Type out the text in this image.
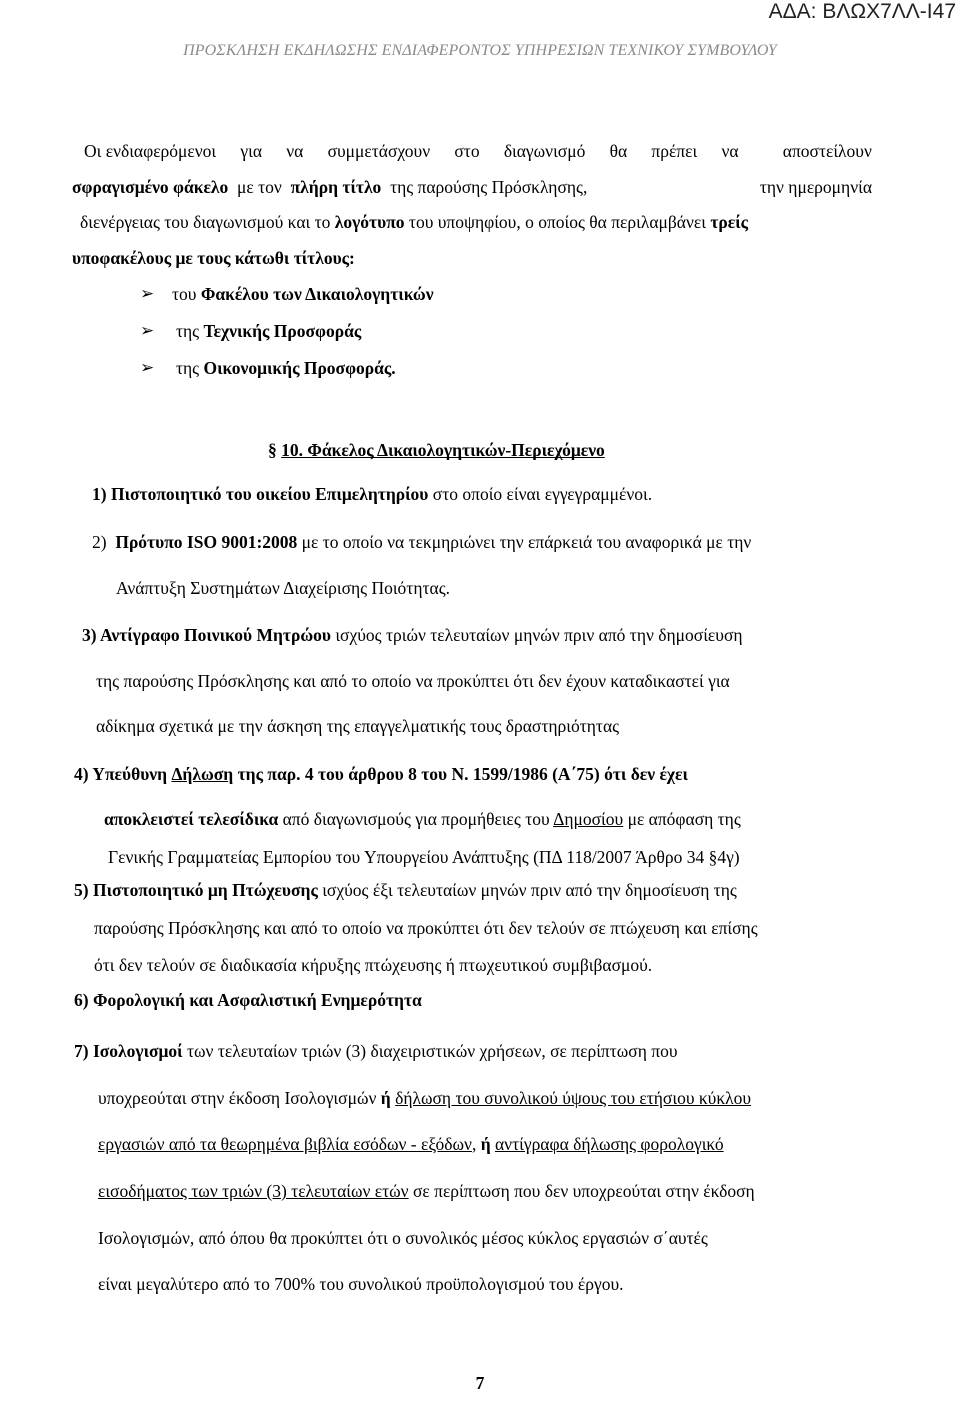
ΑΔΑ: ΒΛΩΧ7ΛΛ-Ι47
ΠΡΟΣΚΛΗΣΗ ΕΚΔΗΛΩΣΗΣ ΕΝΔΙΑΦΕΡΟΝΤΟΣ ΥΠΗΡΕΣΙΩΝ ΤΕΧΝΙΚΟΥ ΣΥΜΒΟΥΛΟΥ
Οι ενδιαφερόμενοι για να συμμετάσχουν στο διαγωνισμό θα πρέπει να	αποστείλουν
σφραγισμένο φάκελο με τον πλήρη τίτλο της παρούσης Πρόσκλησης,	την ημερομηνία
διενέργειας του διαγωνισμού και το λογότυπο του υποψηφίου, ο οποίος θα περιλαμβάνει τρείς
υποφακέλους με τους κάτωθι τίτλους:
➢ του Φακέλου των Δικαιολογητικών
➢ της Τεχνικής Προσφοράς
➢ της Οικονομικής Προσφοράς.
§ 10. Φάκελος Δικαιολογητικών-Περιεχόμενο
1) Πιστοποιητικό του οικείου Επιμελητηρίου στο οποίο είναι εγγεγραμμένοι.
2) Πρότυπο ISO 9001:2008 με το οποίο να τεκμηριώνει την επάρκειά του αναφορικά με την
Ανάπτυξη Συστημάτων Διαχείρισης Ποιότητας.
3) Αντίγραφο Ποινικού Μητρώου ισχύος τριών τελευταίων μηνών πριν από την δημοσίευση
της παρούσης Πρόσκλησης και από το οποίο να προκύπτει ότι δεν έχουν καταδικαστεί για
αδίκημα σχετικά με την άσκηση της επαγγελματικής τους δραστηριότητας
4) Υπεύθυνη Δήλωση της παρ. 4 του άρθρου 8 του Ν. 1599/1986 (Α΄75) ότι δεν έχει
αποκλειστεί τελεσίδικα από διαγωνισμούς για προμήθειες του Δημοσίου με απόφαση της
Γενικής Γραμματείας Εμπορίου του Υπουργείου Ανάπτυξης (ΠΔ 118/2007 Άρθρο 34 §4γ)
5) Πιστοποιητικό μη Πτώχευσης ισχύος έξι τελευταίων μηνών πριν από την δημοσίευση της
παρούσης Πρόσκλησης και από το οποίο να προκύπτει ότι δεν τελούν σε πτώχευση και επίσης
ότι δεν τελούν σε διαδικασία κήρυξης πτώχευσης ή πτωχευτικού συμβιβασμού.
6) Φορολογική και Ασφαλιστική Ενημερότητα
7) Ισολογισμοί των τελευταίων τριών (3) διαχειριστικών χρήσεων, σε περίπτωση που
υποχρεούται στην έκδοση Ισολογισμών ή δήλωση του συνολικού ύψους του ετήσιου κύκλου
εργασιών από τα θεωρημένα βιβλία εσόδων - εξόδων, ή αντίγραφα δήλωσης φορολογικό
εισοδήματος των τριών (3) τελευταίων ετών σε περίπτωση που δεν υποχρεούται στην έκδοση
Ισολογισμών, από όπου θα προκύπτει ότι ο συνολικός μέσος κύκλος εργασιών σ΄αυτές
είναι μεγαλύτερο από το 700% του συνολικού προϋπολογισμού του έργου.
7
